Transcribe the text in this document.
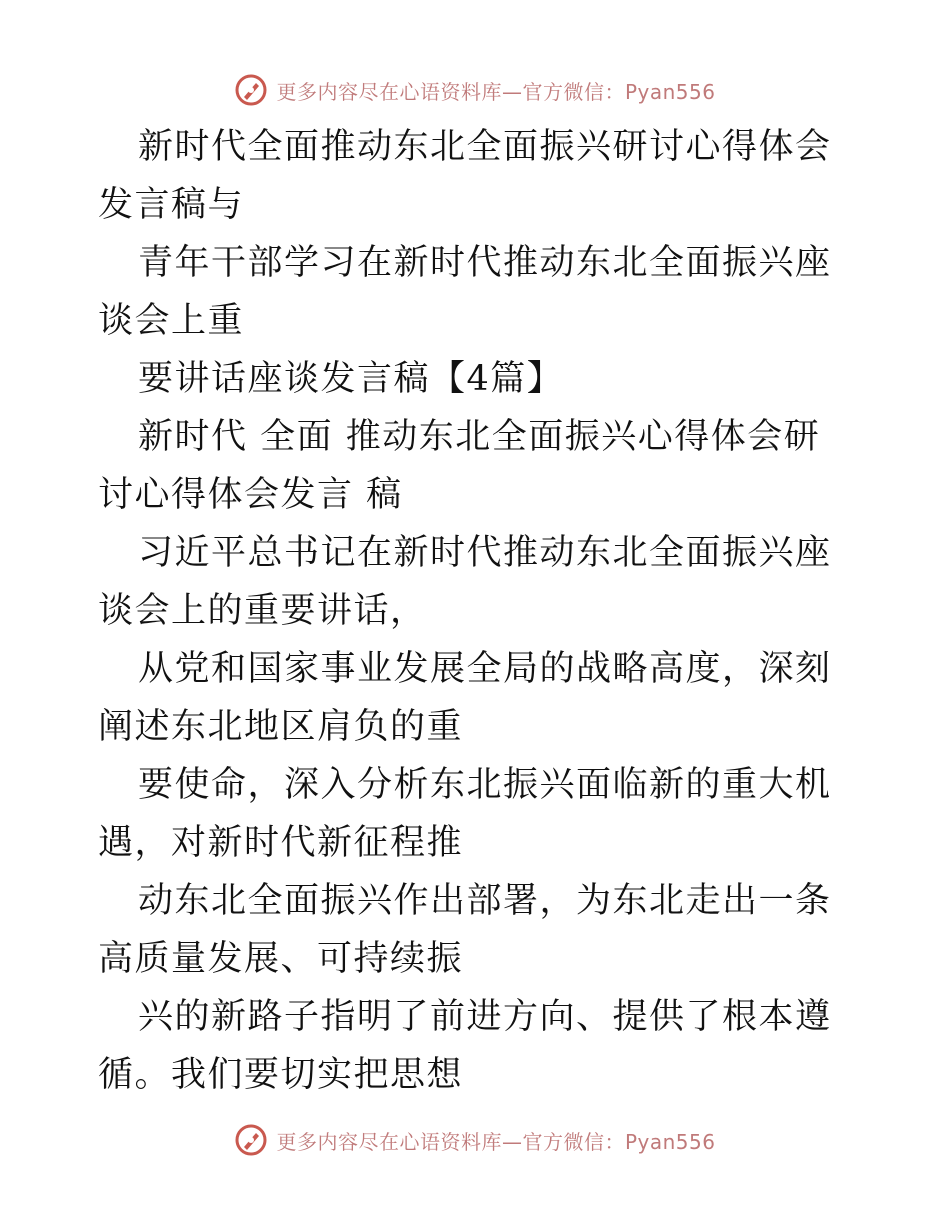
更多内容尽在心语资料库—官方微信：Pyan556

新时代全面推动东北全面振兴研讨心得体会发言稿与

青年干部学习在新时代推动东北全面振兴座谈会上重

要讲话座谈发言稿【4篇】

新时代 全面 推动东北全面振兴心得体会研讨心得体会发言 稿

习近平总书记在新时代推动东北全面振兴座谈会上的重要讲话，

从党和国家事业发展全局的战略高度，深刻阐述东北地区肩负的重

要使命，深入分析东北振兴面临新的重大机遇，对新时代新征程推

动东北全面振兴作出部署，为东北走出一条高质量发展、可持续振

兴的新路子指明了前进方向、提供了根本遵循。我们要切实把思想

更多内容尽在心语资料库—官方微信：Pyan556
